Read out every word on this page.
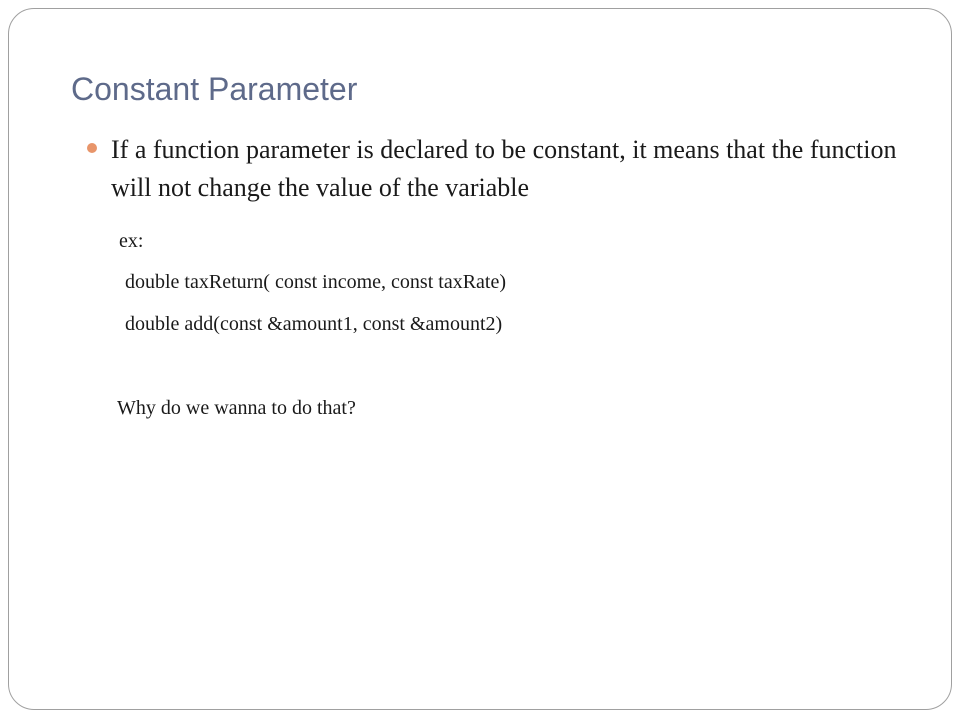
Constant Parameter

If a function parameter is declared to be constant, it means that the function will not change the value of the variable

ex:

double taxReturn( const income, const taxRate)

double add(const &amount1, const &amount2)

Why do we wanna to do that?
